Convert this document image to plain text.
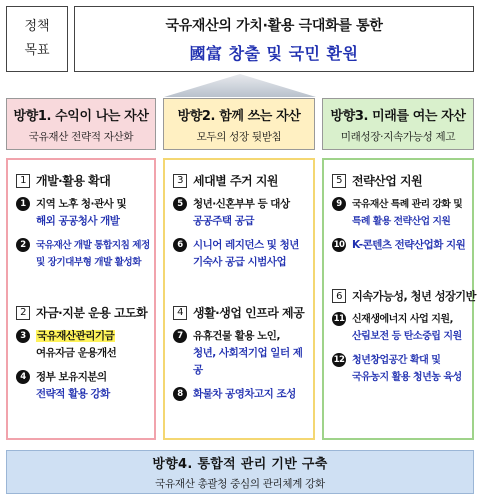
정책
목표
국유재산의 가치·활용 극대화를 통한
國富 창출 및 국민 환원
방향1. 수익이 나는 자산
국유재산 전략적 자산화
방향2. 함께 쓰는 자산
모두의 성장 뒷받침
방향3. 미래를 여는 자산
미래성장·지속가능성 제고
1 개발·활용 확대
1 지역 노후 청·관사 및
해외 공공청사 개발
2	국유재산 개발 통합지침 제정
및 장기대부형 개발 활성화
2 자금·지분 운용 고도화
3	국유재산관리기금
여유자금 운용개선
4 정부 보유지분의
전략적 활용 강화
3 세대별 주거 지원
5 청년·신혼부부 등 대상
공공주택 공급
6 시니어 레지던스 및 청년
기숙사 공급 시범사업
4 생활·생업 인프라 제공
7 유휴건물 활용 노인,
청년, 사회적기업 일터 제공
8 화물차 공영차고지 조성
5 전략산업 지원
9	국유재산 특례 관리 강화 및
특례 활용 전략산업 지원
10 K-콘텐츠 전략산업화 지원
6 지속가능성, 청년 성장기반
11 신재생에너지 사업 지원,
산림보전 등 탄소중립 지원
12 청년창업공간 확대 및
국유농지 활용 청년농 육성
방향4. 통합적 관리 기반 구축
국유재산 총괄청 중심의 관리체계 강화
